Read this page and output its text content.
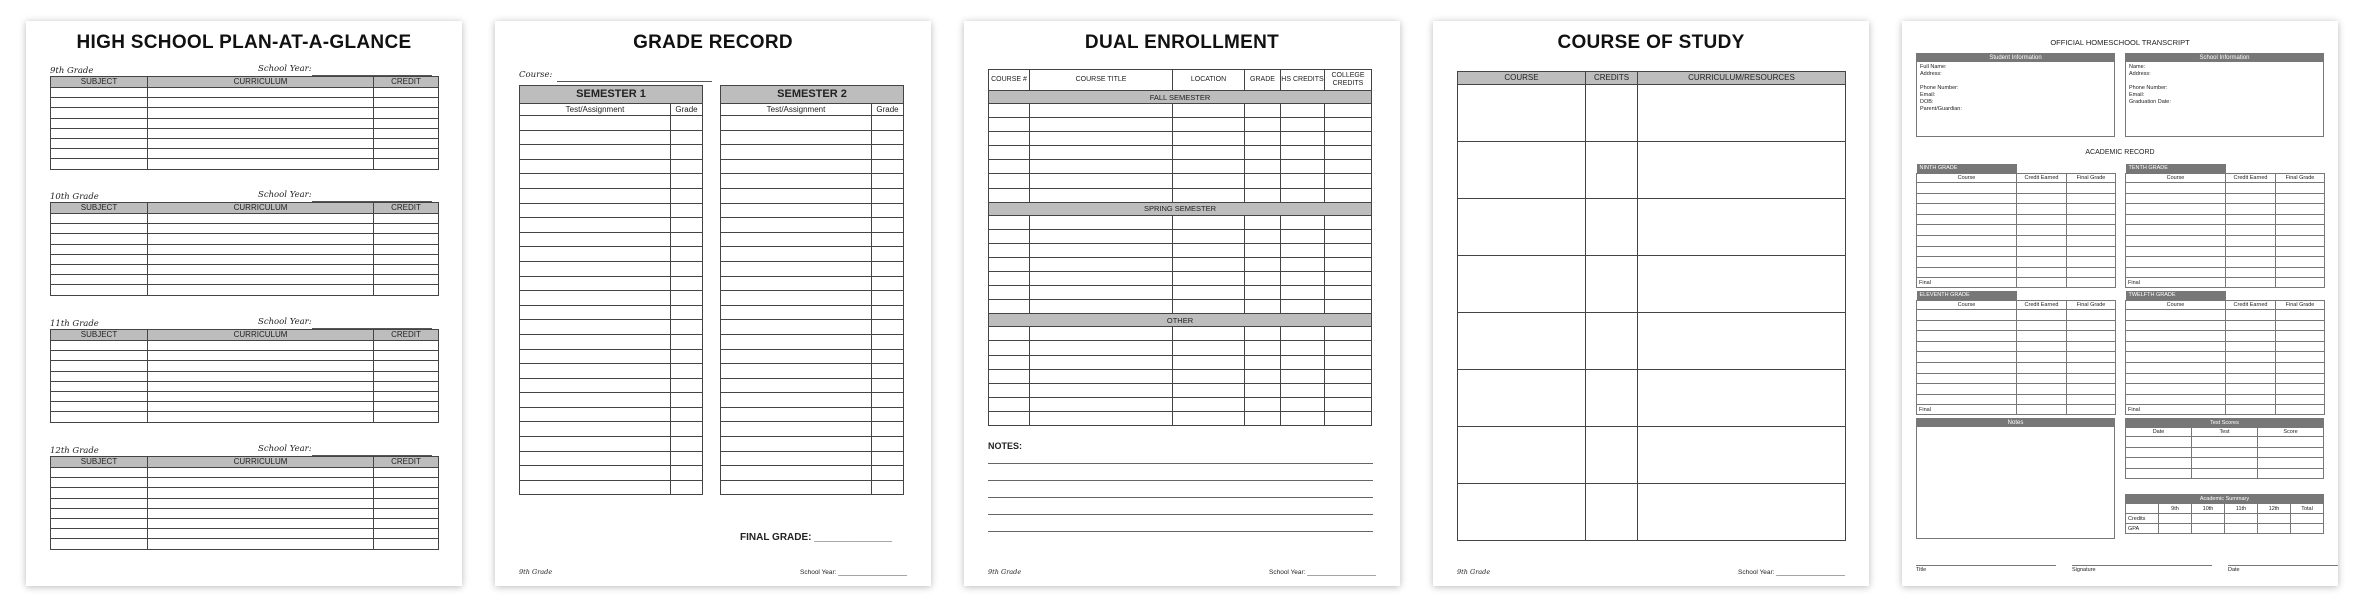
HIGH SCHOOL PLAN-AT-A-GLANCE
9th Grade	School Year:
SUBJECT	CURRICULUM	CREDIT

10th Grade	School Year:
SUBJECT	CURRICULUM	CREDIT

11th Grade	School Year:
SUBJECT	CURRICULUM	CREDIT

12th Grade	School Year:
SUBJECT	CURRICULUM	CREDIT

GRADE RECORD
Course:
SEMESTER 1	
Test/Assignment	Grade

SEMESTER 2	
Test/Assignment	Grade

FINAL GRADE: ______________
9th Grade	School Year: ___________________
DUAL ENROLLMENT
COURSE #	COURSE TITLE	LOCATION	GRADE	HS CREDITS	COLLEGE CREDITS
FALL SEMESTER					

SPRING SEMESTER					

OTHER					

NOTES:
9th Grade	School Year: ___________________
COURSE OF STUDY
COURSE	CREDITS	CURRICULUM/RESOURCES

9th Grade	School Year: ___________________
OFFICIAL HOMESCHOOL TRANSCRIPT
Student Information
Full Name:
Address:
Phone Number:
Email:
DOB:
Parent/Guardian:
School Information
Name:
Address:
Phone Number:
Email:
Graduation Date:
ACADEMIC RECORD
NINTH GRADE		

Course	Credit Earned	Final Grade

Final		
TENTH GRADE		

Course	Credit Earned	Final Grade

Final		
ELEVENTH GRADE		

Course	Credit Earned	Final Grade

Final		
TWELFTH GRADE		

Course	Credit Earned	Final Grade

Final		
Notes	Test Scores		
Date	Test	Score

Academic Summary					
	9th	10th	11th	12th	Total
Credits					
GPA					
Title	Signature	Date
